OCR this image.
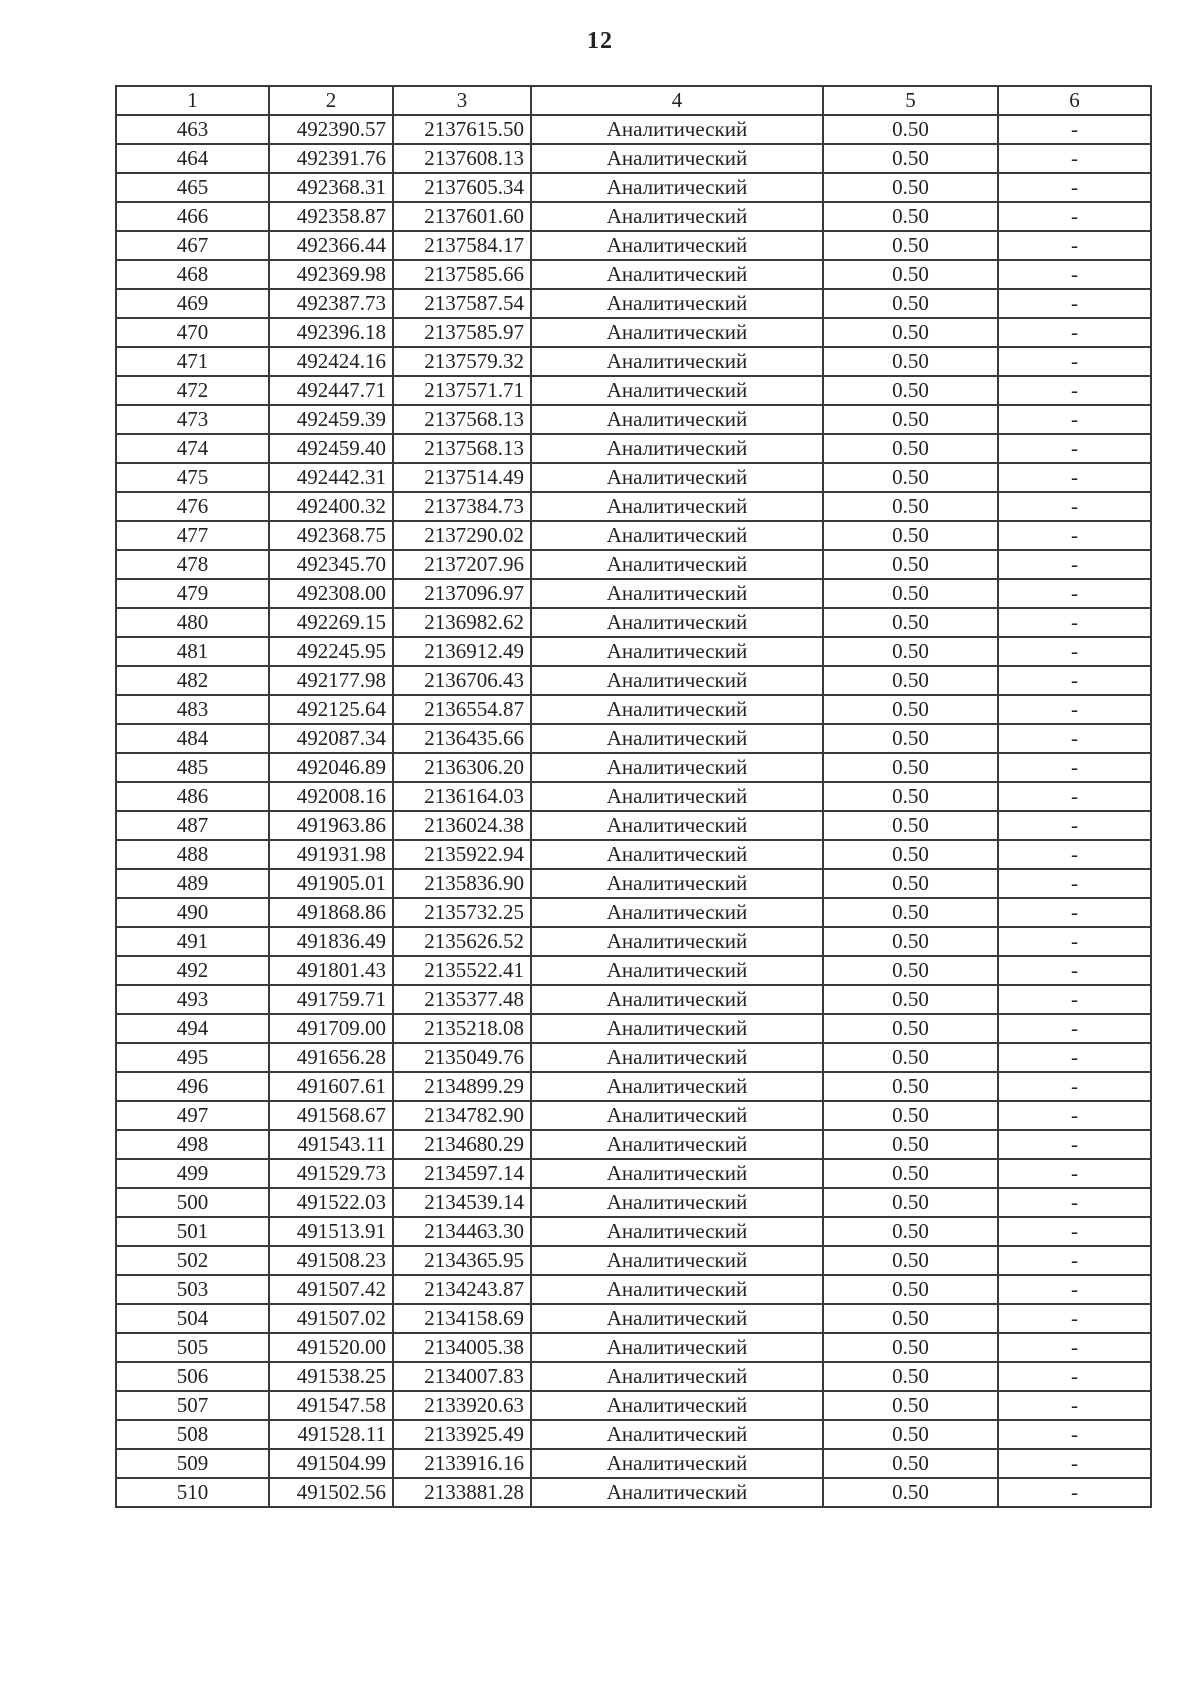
12
1	2	3	4	5	6
463	492390.57	2137615.50	Аналитический	0.50	-
464	492391.76	2137608.13	Аналитический	0.50	-
465	492368.31	2137605.34	Аналитический	0.50	-
466	492358.87	2137601.60	Аналитический	0.50	-
467	492366.44	2137584.17	Аналитический	0.50	-
468	492369.98	2137585.66	Аналитический	0.50	-
469	492387.73	2137587.54	Аналитический	0.50	-
470	492396.18	2137585.97	Аналитический	0.50	-
471	492424.16	2137579.32	Аналитический	0.50	-
472	492447.71	2137571.71	Аналитический	0.50	-
473	492459.39	2137568.13	Аналитический	0.50	-
474	492459.40	2137568.13	Аналитический	0.50	-
475	492442.31	2137514.49	Аналитический	0.50	-
476	492400.32	2137384.73	Аналитический	0.50	-
477	492368.75	2137290.02	Аналитический	0.50	-
478	492345.70	2137207.96	Аналитический	0.50	-
479	492308.00	2137096.97	Аналитический	0.50	-
480	492269.15	2136982.62	Аналитический	0.50	-
481	492245.95	2136912.49	Аналитический	0.50	-
482	492177.98	2136706.43	Аналитический	0.50	-
483	492125.64	2136554.87	Аналитический	0.50	-
484	492087.34	2136435.66	Аналитический	0.50	-
485	492046.89	2136306.20	Аналитический	0.50	-
486	492008.16	2136164.03	Аналитический	0.50	-
487	491963.86	2136024.38	Аналитический	0.50	-
488	491931.98	2135922.94	Аналитический	0.50	-
489	491905.01	2135836.90	Аналитический	0.50	-
490	491868.86	2135732.25	Аналитический	0.50	-
491	491836.49	2135626.52	Аналитический	0.50	-
492	491801.43	2135522.41	Аналитический	0.50	-
493	491759.71	2135377.48	Аналитический	0.50	-
494	491709.00	2135218.08	Аналитический	0.50	-
495	491656.28	2135049.76	Аналитический	0.50	-
496	491607.61	2134899.29	Аналитический	0.50	-
497	491568.67	2134782.90	Аналитический	0.50	-
498	491543.11	2134680.29	Аналитический	0.50	-
499	491529.73	2134597.14	Аналитический	0.50	-
500	491522.03	2134539.14	Аналитический	0.50	-
501	491513.91	2134463.30	Аналитический	0.50	-
502	491508.23	2134365.95	Аналитический	0.50	-
503	491507.42	2134243.87	Аналитический	0.50	-
504	491507.02	2134158.69	Аналитический	0.50	-
505	491520.00	2134005.38	Аналитический	0.50	-
506	491538.25	2134007.83	Аналитический	0.50	-
507	491547.58	2133920.63	Аналитический	0.50	-
508	491528.11	2133925.49	Аналитический	0.50	-
509	491504.99	2133916.16	Аналитический	0.50	-
510	491502.56	2133881.28	Аналитический	0.50	-
